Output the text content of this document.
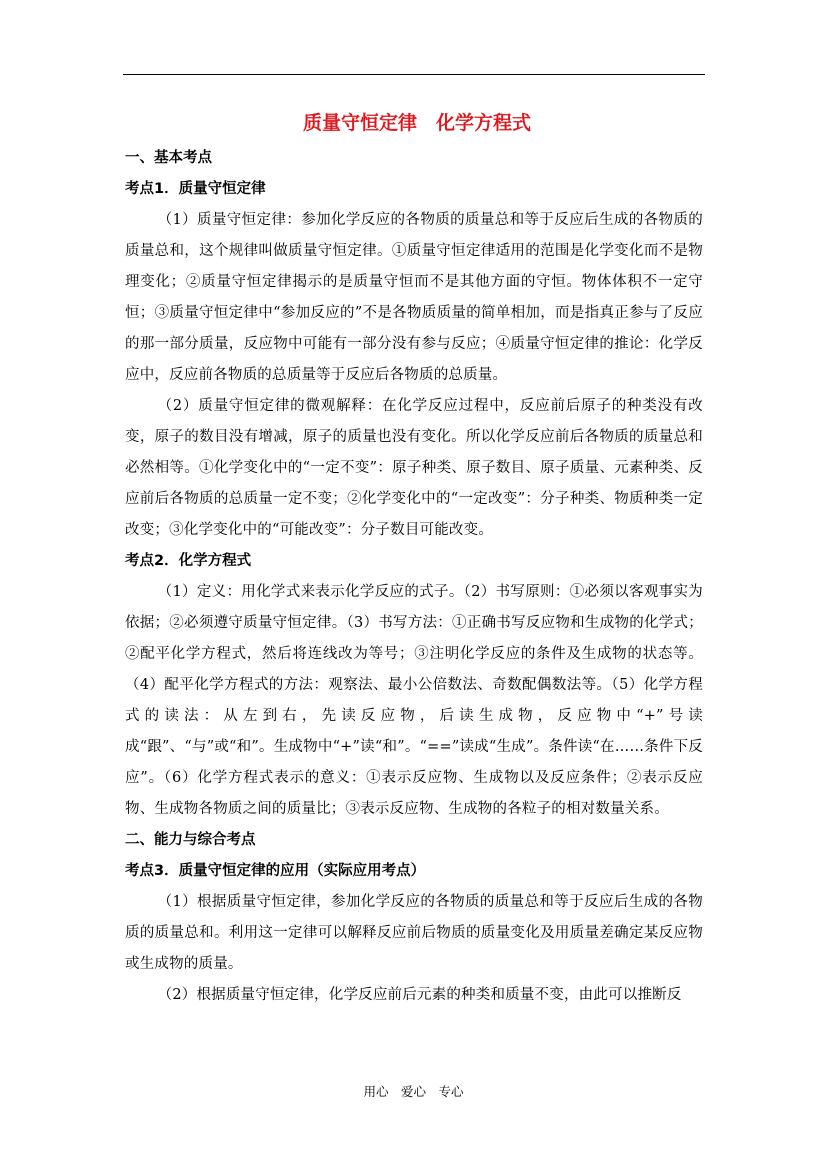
质量守恒定律　化学方程式
一、基本考点
考点1．质量守恒定律

（1）质量守恒定律：参加化学反应的各物质的质量总和等于反应后生成的各物质的质量总和，这个规律叫做质量守恒定律。①质量守恒定律适用的范围是化学变化而不是物理变化；②质量守恒定律揭示的是质量守恒而不是其他方面的守恒。物体体积不一定守恒；③质量守恒定律中“参加反应的”不是各物质质量的简单相加，而是指真正参与了反应的那一部分质量，反应物中可能有一部分没有参与反应；④质量守恒定律的推论：化学反应中，反应前各物质的总质量等于反应后各物质的总质量。

（2）质量守恒定律的微观解释：在化学反应过程中，反应前后原子的种类没有改变，原子的数目没有增减，原子的质量也没有变化。所以化学反应前后各物质的质量总和必然相等。①化学变化中的“一定不变”：原子种类、原子数目、原子质量、元素种类、反应前后各物质的总质量一定不变；②化学变化中的“一定改变”：分子种类、物质种类一定改变；③化学变化中的“可能改变”：分子数目可能改变。

考点2．化学方程式

（1）定义：用化学式来表示化学反应的式子。（2）书写原则：①必须以客观事实为依据；②必须遵守质量守恒定律。（3）书写方法：①正确书写反应物和生成物的化学式；②配平化学方程式，然后将连线改为等号；③注明化学反应的条件及生成物的状态等。（4）配平化学方程式的方法：观察法、最小公倍数法、奇数配偶数法等。（5）化学方程式的读法：从左到右，先读反应物，后读生成物，反应物中“+”号读成“跟”、“与”或“和”。生成物中“+”读“和”。“==”读成“生成”。条件读“在……条件下反应”。（6）化学方程式表示的意义：①表示反应物、生成物以及反应条件；②表示反应物、生成物各物质之间的质量比；③表示反应物、生成物的各粒子的相对数量关系。

二、能力与综合考点
考点3．质量守恒定律的应用（实际应用考点）

（1）根据质量守恒定律，参加化学反应的各物质的质量总和等于反应后生成的各物质的质量总和。利用这一定律可以解释反应前后物质的质量变化及用质量差确定某反应物或生成物的质量。

（2）根据质量守恒定律，化学反应前后元素的种类和质量不变，由此可以推断反

用心　爱心　专心
